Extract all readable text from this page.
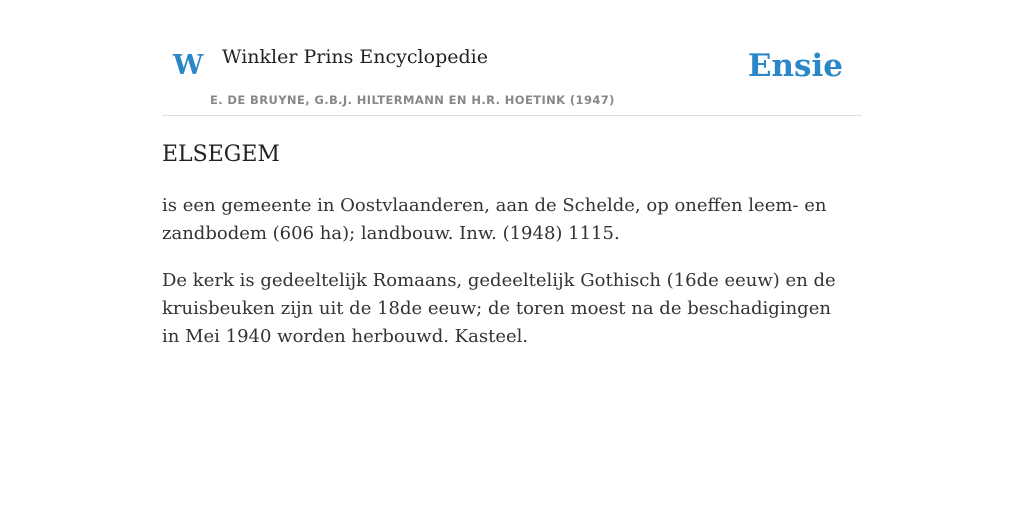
W Winkler Prins Encyclopedie
E. DE BRUYNE, G.B.J. HILTERMANN EN H.R. HOETINK (1947)
Ensie
ELSEGEM

is een gemeente in Oostvlaanderen, aan de Schelde, op oneffen leem- en zandbodem (606 ha); landbouw. Inw. (1948) 1115.

De kerk is gedeeltelijk Romaans, gedeeltelijk Gothisch (16de eeuw) en de kruisbeuken zijn uit de 18de eeuw; de toren moest na de beschadigingen in Mei 1940 worden herbouwd. Kasteel.
